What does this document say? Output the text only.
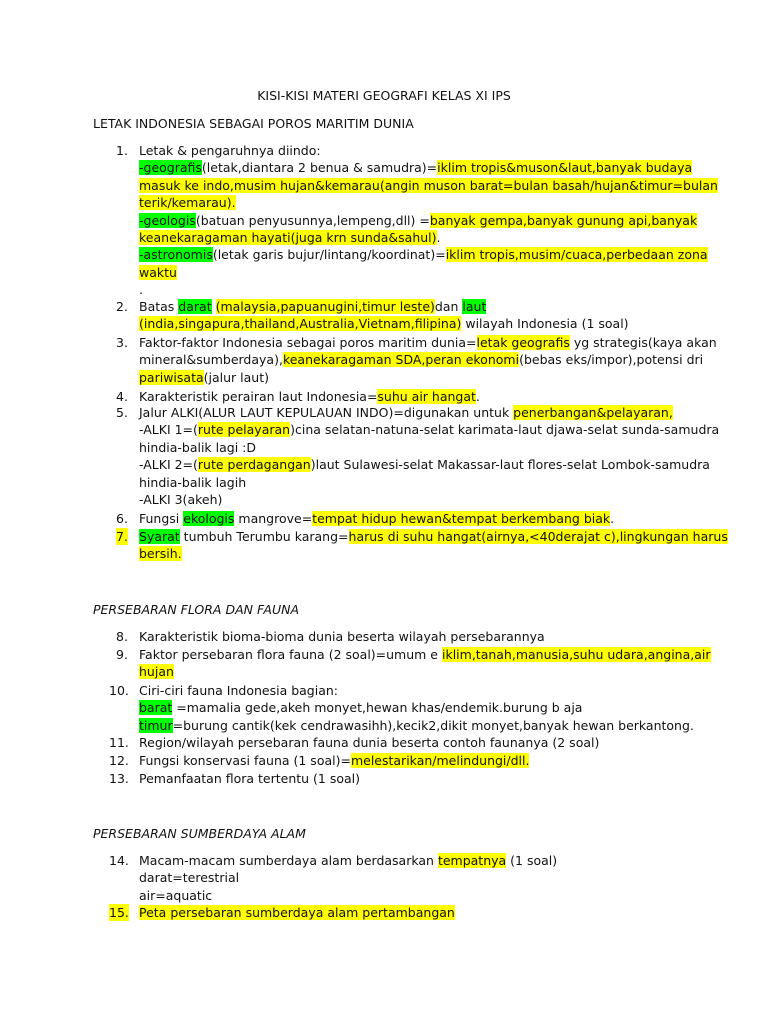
KISI-KISI MATERI GEOGRAFI KELAS XI IPS
LETAK INDONESIA SEBAGAI POROS MARITIM DUNIA
1. Letak & pengaruhnya diindo:
-geografis(letak,diantara 2 benua & samudra)=iklim tropis&muson&laut,banyak budaya
masuk ke indo,musim hujan&kemarau(angin muson barat=bulan basah/hujan&timur=bulan
terik/kemarau).
-geologis(batuan penyusunnya,lempeng,dll) =banyak gempa,banyak gunung api,banyak
keanekaragaman hayati(juga krn sunda&sahul).
-astronomis(letak garis bujur/lintang/koordinat)=iklim tropis,musim/cuaca,perbedaan zona
waktu
.
2. Batas darat (malaysia,papuanugini,timur leste)dan laut
(india,singapura,thailand,Australia,Vietnam,filipina) wilayah Indonesia (1 soal)
3. Faktor-faktor Indonesia sebagai poros maritim dunia=letak geografis yg strategis(kaya akan
mineral&sumberdaya),keanekaragaman SDA,peran ekonomi(bebas eks/impor),potensi dri
pariwisata(jalur laut)
4. Karakteristik perairan laut Indonesia=suhu air hangat.
5. Jalur ALKI(ALUR LAUT KEPULAUAN INDO)=digunakan untuk penerbangan&pelayaran,
-ALKI 1=(rute pelayaran)cina selatan-natuna-selat karimata-laut djawa-selat sunda-samudra
hindia-balik lagi :D
-ALKI 2=(rute perdagangan)laut Sulawesi-selat Makassar-laut flores-selat Lombok-samudra
hindia-balik lagih
-ALKI 3(akeh)
6. Fungsi ekologis mangrove=tempat hidup hewan&tempat berkembang biak.
7. Syarat tumbuh Terumbu karang=harus di suhu hangat(airnya,<40derajat c),lingkungan harus
bersih.
PERSEBARAN FLORA DAN FAUNA
8. Karakteristik bioma-bioma dunia beserta wilayah persebarannya
9. Faktor persebaran flora fauna (2 soal)=umum e iklim,tanah,manusia,suhu udara,angina,air
hujan
10. Ciri-ciri fauna Indonesia bagian:
barat =mamalia gede,akeh monyet,hewan khas/endemik.burung b aja
timur=burung cantik(kek cendrawasihh),kecik2,dikit monyet,banyak hewan berkantong.
11. Region/wilayah persebaran fauna dunia beserta contoh faunanya (2 soal)
12. Fungsi konservasi fauna (1 soal)=melestarikan/melindungi/dll.
13. Pemanfaatan flora tertentu (1 soal)
PERSEBARAN SUMBERDAYA ALAM
14. Macam-macam sumberdaya alam berdasarkan tempatnya (1 soal)
darat=terestrial
air=aquatic
15. Peta persebaran sumberdaya alam pertambangan
